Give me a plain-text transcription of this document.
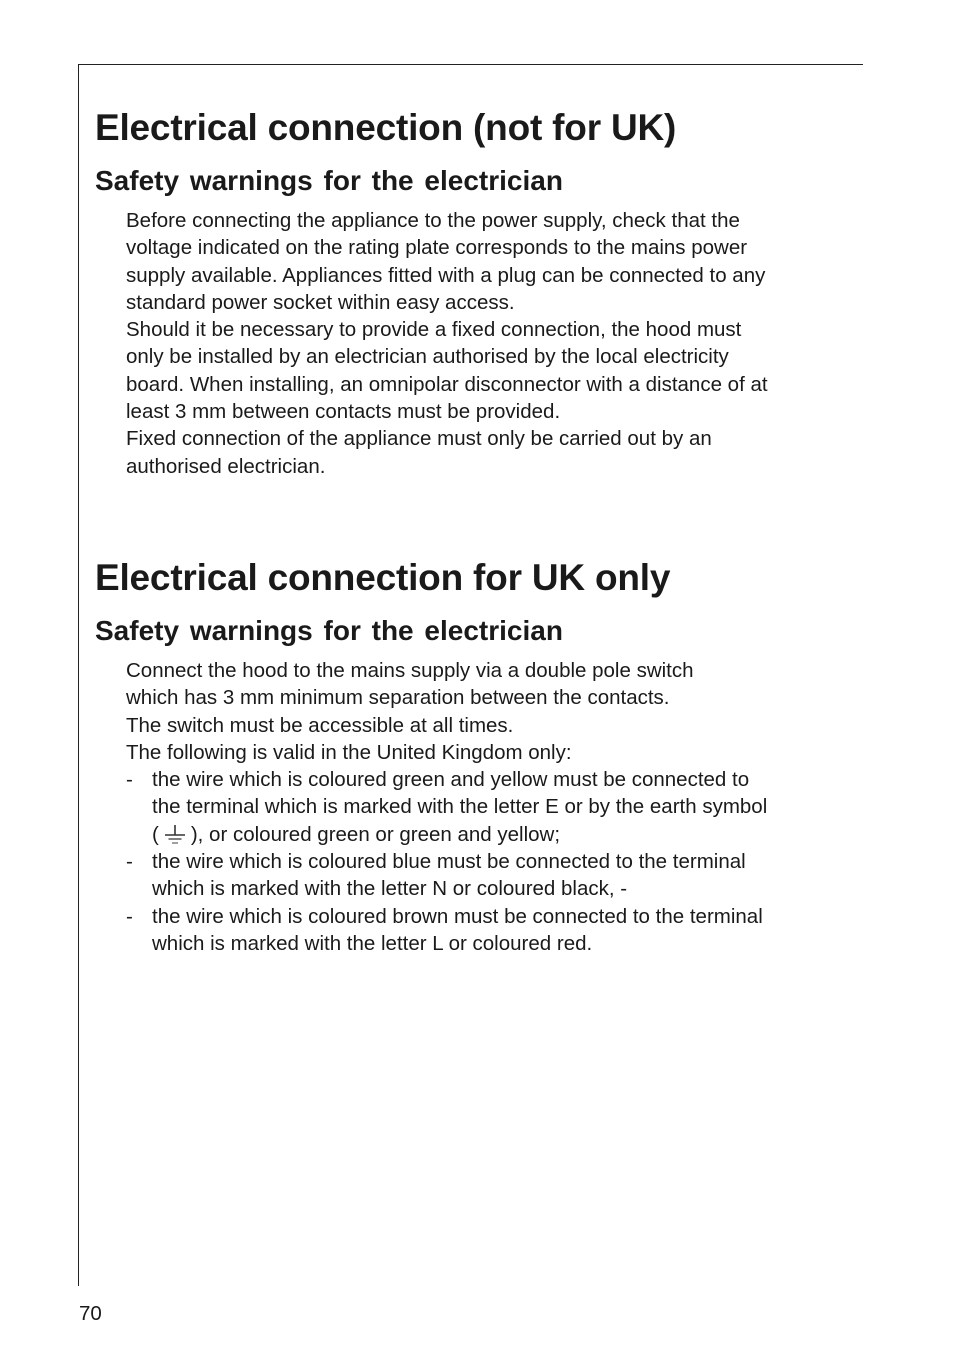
Electrical connection (not for UK)
Safety warnings for the electrician

Before connecting the appliance to the power supply, check that the

voltage indicated on the rating plate corresponds to the mains power

supply available. Appliances fitted with a plug can be connected to any

standard power socket within easy access.

Should it be necessary to provide a fixed connection, the hood must

only be installed by an electrician authorised by the local electricity

board. When installing, an omnipolar disconnector with a distance of at

least 3 mm between contacts must be provided.

Fixed connection of the appliance must only be carried out by an

authorised electrician.

Electrical connection for UK only
Safety warnings for the electrician

Connect the hood to the mains supply via a double pole switch

which has 3 mm minimum separation between the contacts.

The switch must be accessible at all times.

The following is valid in the United Kingdom only:

- the wire which is coloured green and yellow must be connected to
the terminal which is marked with the letter E or by the earth symbol
( ), or coloured green or green and yellow;
- the wire which is coloured blue must be connected to the terminal
which is marked with the letter N or coloured black, -
- the wire which is coloured brown must be connected to the terminal
which is marked with the letter L or coloured red.
70
